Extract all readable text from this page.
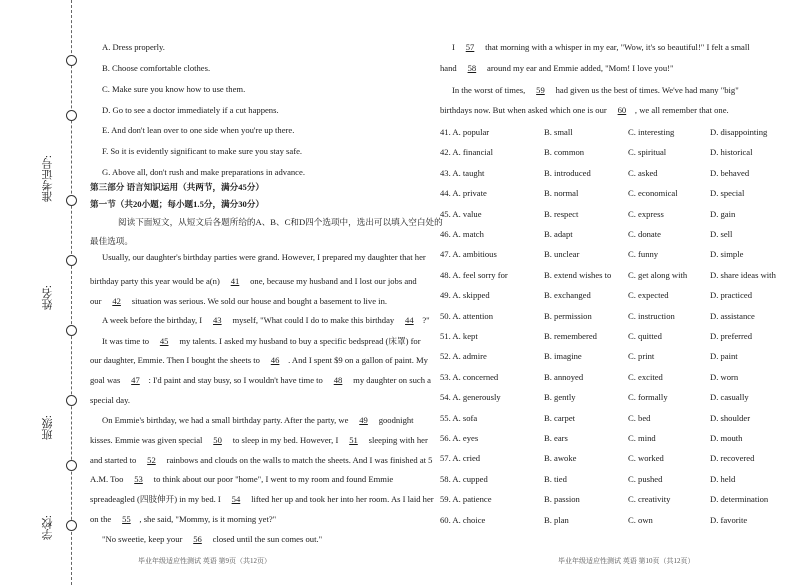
学校:
班级:
姓名:
准考证号:
A. Dress properly.
B. Choose comfortable clothes.
C. Make sure you know how to use them.
D. Go to see a doctor immediately if a cut happens.
E. And don't lean over to one side when you're up there.
F. So it is evidently significant to make sure you stay safe.
G. Above all, don't rush and make preparations in advance.
第三部分 语言知识运用（共两节，满分45分）
第一节（共20小题；每小题1.5分，满分30分）
阅读下面短文，从短文后各题所给的A、B、C和D四个选项中，选出可以填入空白处的
最佳选项。
Usually, our daughter's birthday parties were grand. However, I prepared my daughter that her
birthday party this year would be a(n) 41 one, because my husband and I lost our jobs and
our 42 situation was serious. We sold our house and bought a basement to live in.
A week before the birthday, I 43 myself, "What could I do to make this birthday 44 ?"
It was time to 45 my talents. I asked my husband to buy a specific bedspread (床罩) for
our daughter, Emmie. Then I bought the sheets to 46 . And I spent $9 on a gallon of paint. My
goal was 47 : I'd paint and stay busy, so I wouldn't have time to 48 my daughter on such a
special day.
On Emmie's birthday, we had a small birthday party. After the party, we 49 goodnight
kisses. Emmie was given special 50 to sleep in my bed. However, I 51 sleeping with her
and started to 52 rainbows and clouds on the walls to match the sheets. And I was finished at 5
A.M. Too 53 to think about our poor "home", I went to my room and found Emmie
spreadeagled (四肢伸开) in my bed. I 54 lifted her up and took her into her room. As I laid her
on the 55 , she said, "Mommy, is it morning yet?"
"No sweetie, keep your 56 closed until the sun comes out."
毕业年级适应性测试 英语 第9页（共12页）
I 57 that morning with a whisper in my ear, "Wow, it's so beautiful!" I felt a small
hand 58 around my ear and Emmie added, "Mom! I love you!"
In the worst of times, 59 had given us the best of times. We've had many "big"
birthdays now. But when asked which one is our 60 , we all remember that one.
41. A. popular	B. small	C. interesting	D. disappointing
42. A. financial	B. common	C. spiritual	D. historical
43. A. taught	B. introduced	C. asked	D. behaved
44. A. private	B. normal	C. economical	D. special
45. A. value	B. respect	C. express	D. gain
46. A. match	B. adapt	C. donate	D. sell
47. A. ambitious	B. unclear	C. funny	D. simple
48. A. feel sorry for	B. extend wishes to C. get along with	D. share ideas with
49. A. skipped	B. exchanged	C. expected	D. practiced
50. A. attention	B. permission	C. instruction	D. assistance
51. A. kept	B. remembered	C. quitted	D. preferred
52. A. admire	B. imagine	C. print	D. paint
53. A. concerned	B. annoyed	C. excited	D. worn
54. A. generously	B. gently	C. formally	D. casually
55. A. sofa	B. carpet	C. bed	D. shoulder
56. A. eyes	B. ears	C. mind	D. mouth
57. A. cried	B. awoke	C. worked	D. recovered
58. A. cupped	B. tied	C. pushed	D. held
59. A. patience	B. passion	C. creativity	D. determination
60. A. choice	B. plan	C. own	D. favorite
毕业年级适应性测试 英语 第10页（共12页）
